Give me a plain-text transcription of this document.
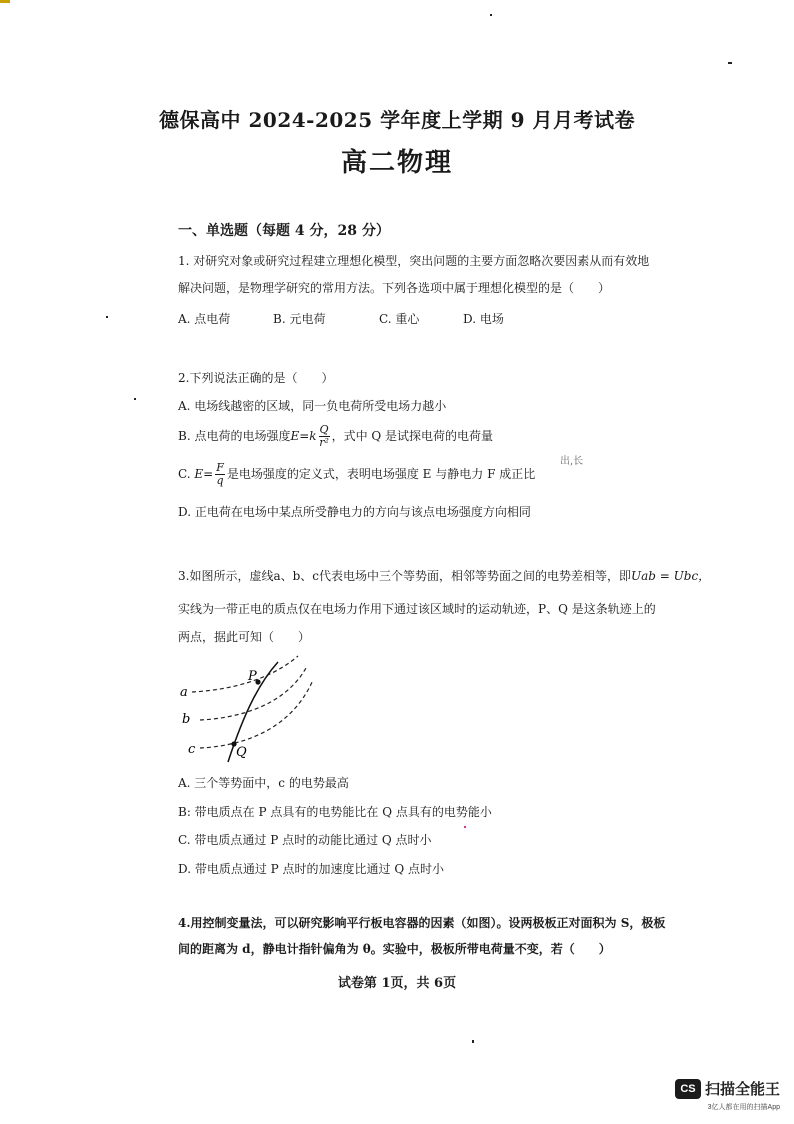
德保高中 2024-2025 学年度上学期 9 月月考试卷
高二物理
一、单选题（每题 4 分，28 分）
1. 对研究对象或研究过程建立理想化模型，突出问题的主要方面忽略次要因素从而有效地
解决问题，是物理学研究的常用方法。下列各选项中属于理想化模型的是（　　）
A. 点电荷	B. 元电荷	C. 重心	D. 电场
2.下列说法正确的是（　　）
A. 电场线越密的区域，同一负电荷所受电场力越小
B. 点电荷的电场强度$E=k \frac{Q}{\text{r²}}$ ，式中 Q 是试探电荷的电荷量
C. $E= \frac{F}{q}$ 是电场强度的定义式，表明电场强度 E 与静电力 F 成正比
D. 正电荷在电场中某点所受静电力的方向与该点电场强度方向相同
出,长
3.如图所示，虚线a、b、c代表电场中三个等势面，相邻等势面之间的电势差相等，即Uab = Ubc，
实线为一带正电的质点仅在电场力作用下通过该区域时的运动轨迹，P、Q 是这条轨迹上的
两点，据此可知（　　）
a
b
c
P
Q
A. 三个等势面中，c 的电势最高
B: 带电质点在 P 点具有的电势能比在 Q 点具有的电势能小
C. 带电质点通过 P 点时的动能比通过 Q 点时小
D. 带电质点通过 P 点时的加速度比通过 Q 点时小
4.用控制变量法，可以研究影响平行板电容器的因素（如图）。设两极板正对面积为 S，极板
间的距离为 d，静电计指针偏角为 θ。实验中，极板所带电荷量不变，若（　　）
试卷第 1页，共 6页
CS 扫描全能王
3亿人都在用的扫描App
